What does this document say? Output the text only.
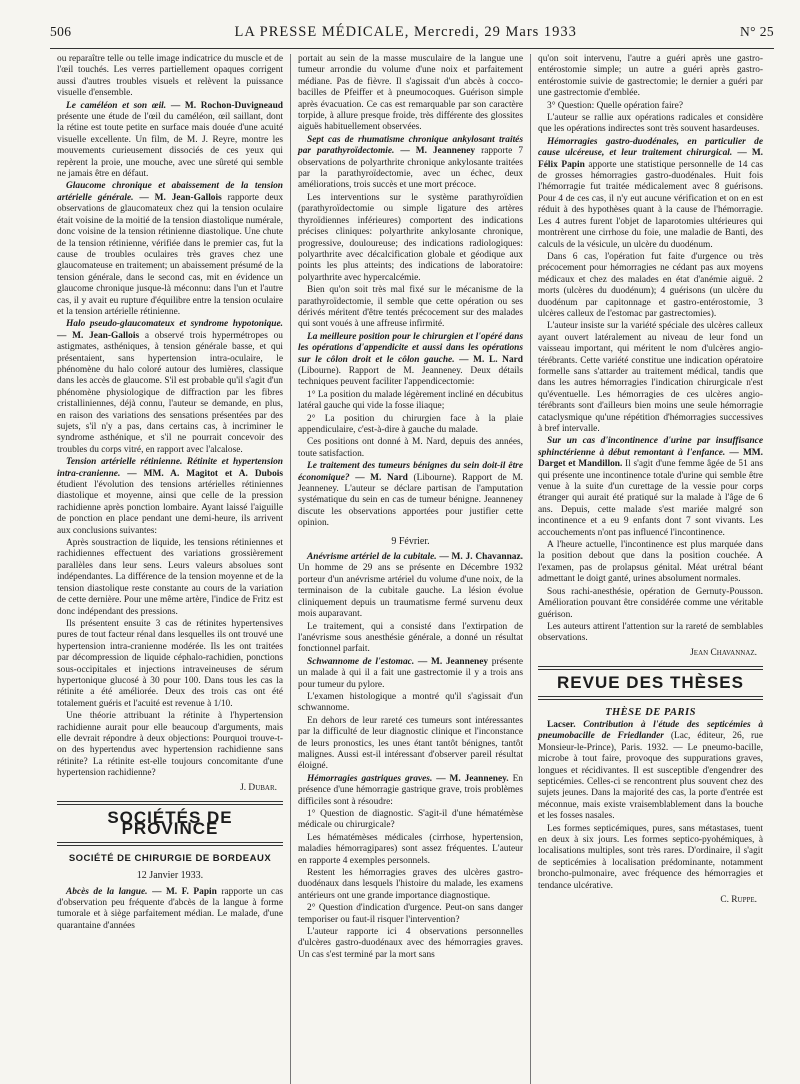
506	LA PRESSE MÉDICALE, Mercredi, 29 Mars 1933	N° 25

ou reparaître telle ou telle image indicatrice du muscle et de l'œil touchés. Les verres partiellement opaques corrigent aussi d'autres troubles visuels et relèvent la puissance visuelle d'ensemble.

Le caméléon et son œil. — M. Rochon-Duvigneaud présente une étude de l'œil du caméléon, œil saillant, dont la rétine est toute petite en surface mais douée d'une acuité visuelle excellente. Un film, de M. J. Reyre, montre les mouvements curieusement dissociés de ces yeux qui repèrent la proie, une mouche, avec une sûreté qui semble ne jamais être en défaut.

Glaucome chronique et abaissement de la tension artérielle générale. — M. Jean-Gallois rapporte deux observations de glaucomateux chez qui la tension oculaire était voisine de la moitié de la tension diastolique numérale, donc voisine de la tension rétinienne diastolique. Une chute de la tension rétinienne, vérifiée dans le premier cas, fut la cause de troubles oculaires très graves chez une glaucomateuse en traitement; un abaissement présumé de la tension générale, dans le second cas, mit en évidence un glaucome chronique jusque-là méconnu: dans l'un et l'autre cas, il y avait eu rupture d'équilibre entre la tension oculaire et la tension artérielle rétinienne.

Halo pseudo-glaucomateux et syndrome hypotonique. — M. Jean-Gallois a observé trois hypermétropes ou astigmates, asthéniques, à tension générale basse, et qui présentaient, sans hypertension intra-oculaire, le phénomène du halo coloré autour des lumières, classique dans les accès de glaucome. S'il est probable qu'il s'agit d'un phénomène physiologique de diffraction par les fibres cristalliniennes, déjà connu, l'auteur se demande, en plus, en raison des variations des sensations présentées par des sujets, s'il n'y a pas, dans certains cas, à incriminer le syndrome asthénique, et s'il ne pourrait concevoir des troubles du corps vitré, en rapport avec l'alcalose.

Tension artérielle rétinienne. Rétinite et hypertension intra-cranienne. — MM. A. Magitot et A. Dubois étudient l'évolution des tensions artérielles rétiniennes diastolique et moyenne, ainsi que celle de la pression rachidienne après ponction lombaire. Ayant laissé l'aiguille de ponction en place pendant une demi-heure, ils arrivent aux conclusions suivantes:

Après soustraction de liquide, les tensions rétiniennes et rachidiennes effectuent des variations grossièrement parallèles dans leur sens. Leurs valeurs absolues sont indépendantes. La différence de la tension moyenne et de la tension diastolique reste constante au cours de la variation de cette dernière. Pour une même artère, l'indice de Fritz est donc indépendant des pressions.

Ils présentent ensuite 3 cas de rétinites hypertensives pures de tout facteur rénal dans lesquelles ils ont trouvé une hypertension intra-cranienne modérée. Ils les ont traitées par décompression de liquide céphalo-rachidien, ponctions sous-occipitales et injections intraveineuses de sérum hypertonique glucosé à 30 pour 100. Dans tous les cas la rétinite a été améliorée. Deux des trois cas ont été totalement guéris et l'acuité est revenue à 1/10.

Une théorie attribuant la rétinite à l'hypertension rachidienne aurait pour elle beaucoup d'arguments, mais elle devrait répondre à deux objections: Pourquoi trouve-t-on des hypertendus avec hypertension rachidienne sans rétinite? La rétinite est-elle toujours concomitante d'une hypertension rachidienne?

J. Dubar.

SOCIÉTÉS DE PROVINCE
SOCIÉTÉ DE CHIRURGIE DE BORDEAUX
12 Janvier 1933.

Abcès de la langue. — M. F. Papin rapporte un cas d'observation peu fréquente d'abcès de la langue à forme tumorale et à siège parfaitement médian. Le malade, d'une quarantaine d'années

portait au sein de la masse musculaire de la langue une tumeur arrondie du volume d'une noix et parfaitement médiane. Pas de fièvre. Il s'agissait d'un abcès à cocco-bacilles de Pfeiffer et à pneumocoques. Guérison simple après évacuation. Ce cas est remarquable par son caractère torpide, à allure presque froide, très différente des glossites aiguës habituellement observées.

Sept cas de rhumatisme chronique ankylosant traités par parathyroïdectomie. — M. Jeanneney rapporte 7 observations de polyarthrite chronique ankylosante traitées par la parathyroïdectomie, avec un échec, deux améliorations, trois succès et une mort précoce.

Les interventions sur le système parathyroïdien (parathyroïdectomie ou simple ligature des artères thyroïdiennes inférieures) comportent des indications précises cliniques: polyarthrite ankylosante chronique, progressive, douloureuse; des indications radiologiques: polyarthrite avec décalcification globale et géodique aux points les plus atteints; des indications de laboratoire: polyarthrite avec hypercalcémie.

Bien qu'on soit très mal fixé sur le mécanisme de la parathyroïdectomie, il semble que cette opération ou ses dérivés méritent d'être tentés précocement sur des malades qui sont voués à une affreuse infirmité.

La meilleure position pour le chirurgien et l'opéré dans les opérations d'appendicite et aussi dans les opérations sur le côlon droit et le côlon gauche. — M. L. Nard (Libourne). Rapport de M. Jeanneney. Deux détails techniques peuvent faciliter l'appendicectomie:

1° La position du malade légèrement incliné en décubitus latéral gauche qui vide la fosse iliaque;

2° La position du chirurgien face à la plaie appendiculaire, c'est-à-dire à gauche du malade.

Ces positions ont donné à M. Nard, depuis des années, toute satisfaction.

Le traitement des tumeurs bénignes du sein doit-il être économique? — M. Nard (Libourne). Rapport de M. Jeanneney. L'auteur se déclare partisan de l'amputation systématique du sein en cas de tumeur bénigne. Jeanneney discute les observations apportées pour justifier cette opinion.

9 Février.

Anévrisme artériel de la cubitale. — M. J. Chavannaz. Un homme de 29 ans se présente en Décembre 1932 porteur d'un anévrisme artériel du volume d'une noix, de la terminaison de la cubitale gauche. La lésion évolue cliniquement depuis un traumatisme fermé survenu deux mois auparavant.

Le traitement, qui a consisté dans l'extirpation de l'anévrisme sous anesthésie générale, a donné un résultat fonctionnel parfait.

Schwannome de l'estomac. — M. Jeanneney présente un malade à qui il a fait une gastrectomie il y a trois ans pour tumeur du pylore.

L'examen histologique a montré qu'il s'agissait d'un schwannome.

En dehors de leur rareté ces tumeurs sont intéressantes par la difficulté de leur diagnostic clinique et l'inconstance de leurs pronostics, les unes étant tantôt bénignes, tantôt malignes. Aussi est-il intéressant d'observer pareil résultat éloigné.

Hémorragies gastriques graves. — M. Jeanneney. En présence d'une hémorragie gastrique grave, trois problèmes difficiles sont à résoudre:

1° Question de diagnostic. S'agit-il d'une hématémèse médicale ou chirurgicale?

Les hématémèses médicales (cirrhose, hypertension, maladies hémorragipares) sont assez fréquentes. L'auteur en rapporte 4 exemples personnels.

Restent les hémorragies graves des ulcères gastro-duodénaux dans lesquels l'histoire du malade, les examens antérieurs ont une grande importance diagnostique.

2° Question d'indication d'urgence. Peut-on sans danger temporiser ou faut-il risquer l'intervention?

L'auteur rapporte ici 4 observations personnelles d'ulcères gastro-duodénaux avec des hémorragies graves. Un cas s'est terminé par la mort sans

qu'on soit intervenu, l'autre a guéri après une gastro-entérostomie simple; un autre a guéri après gastro-entérostomie suivie de gastrectomie; le dernier a guéri par une gastrectomie d'emblée.

3° Question: Quelle opération faire?

L'auteur se rallie aux opérations radicales et considère que les opérations indirectes sont très souvent hasardeuses.

Hémorragies gastro-duodénales, en particulier de cause ulcéreuse, et leur traitement chirurgical. — M. Félix Papin apporte une statistique personnelle de 14 cas de grosses hémorragies gastro-duodénales. Huit fois l'hémorragie fut traitée médicalement avec 8 guérisons. Pour 4 de ces cas, il n'y eut aucune vérification et on en est réduit à des hypothèses quant à la cause de l'hémorragie. Les 4 autres furent l'objet de laparotomies ultérieures qui montrèrent une cirrhose du foie, une maladie de Banti, des calculs de la vésicule, un ulcère du duodénum.

Dans 6 cas, l'opération fut faite d'urgence ou très précocement pour hémorragies ne cédant pas aux moyens médicaux et chez des malades en état d'anémie aiguë. 2 morts (ulcères du duodénum); 4 guérisons (un ulcère du duodénum par capitonnage et gastro-entérostomie, 3 ulcères calleux de l'estomac par gastrectomies).

L'auteur insiste sur la variété spéciale des ulcères calleux ayant ouvert latéralement au niveau de leur fond un vaisseau important, qui méritent le nom d'ulcères angio-térébrants. Cette variété constitue une indication opératoire formelle sans s'attarder au traitement médical, tandis que dans les autres hémorragies l'indication chirurgicale n'est qu'éventuelle. Les hémorragies de ces ulcères angio-térébrants sont d'ailleurs bien moins une seule hémorragie cataclysmique qu'une répétition d'hémorragies successives à bref intervalle.

Sur un cas d'incontinence d'urine par insuffisance sphinctérienne à début remontant à l'enfance. — MM. Darget et Mandillon. Il s'agit d'une femme âgée de 51 ans qui présente une incontinence totale d'urine qui semble être venue à la suite d'un curettage de la vessie pour corps étranger qui aurait été pratiqué sur la malade à l'âge de 6 ans. Depuis, cette malade s'est mariée malgré son incontinence et a eu 9 enfants dont 7 sont vivants. Les accouchements n'ont pas influencé l'incontinence.

A l'heure actuelle, l'incontinence est plus marquée dans la position debout que dans la position couchée. A l'examen, pas de prolapsus génital. Méat urétral béant admettant le doigt ganté, urines absolument normales.

Sous rachi-anesthésie, opération de Gernuty-Pousson. Amélioration pouvant être considérée comme une véritable guérison.

Les auteurs attirent l'attention sur la rareté de semblables observations.

Jean Chavannaz.

REVUE DES THÈSES
THÈSE DE PARIS

Lacser. Contribution à l'étude des septicémies à pneumobacille de Friedlander (Lac, éditeur, 26, rue Monsieur-le-Prince), Paris. 1932. — Le pneumo-bacille, microbe à tout faire, provoque des suppurations graves, longues et récidivantes. Il est susceptible d'engendrer des septicémies. Celles-ci se rencontrent plus souvent chez des sujets jeunes. Dans la majorité des cas, la porte d'entrée est méconnue, mais existe vraisemblablement dans la bouche et les fosses nasales.

Les formes septicémiques, pures, sans métastases, tuent en deux à six jours. Les formes septico-pyohémiques, à localisations multiples, sont très rares. D'ordinaire, il s'agit de septicémies à localisation prédominante, notamment broncho-pulmonaire, avec fréquence des hémorragies et tendance ulcérative.

C. Ruppe.
